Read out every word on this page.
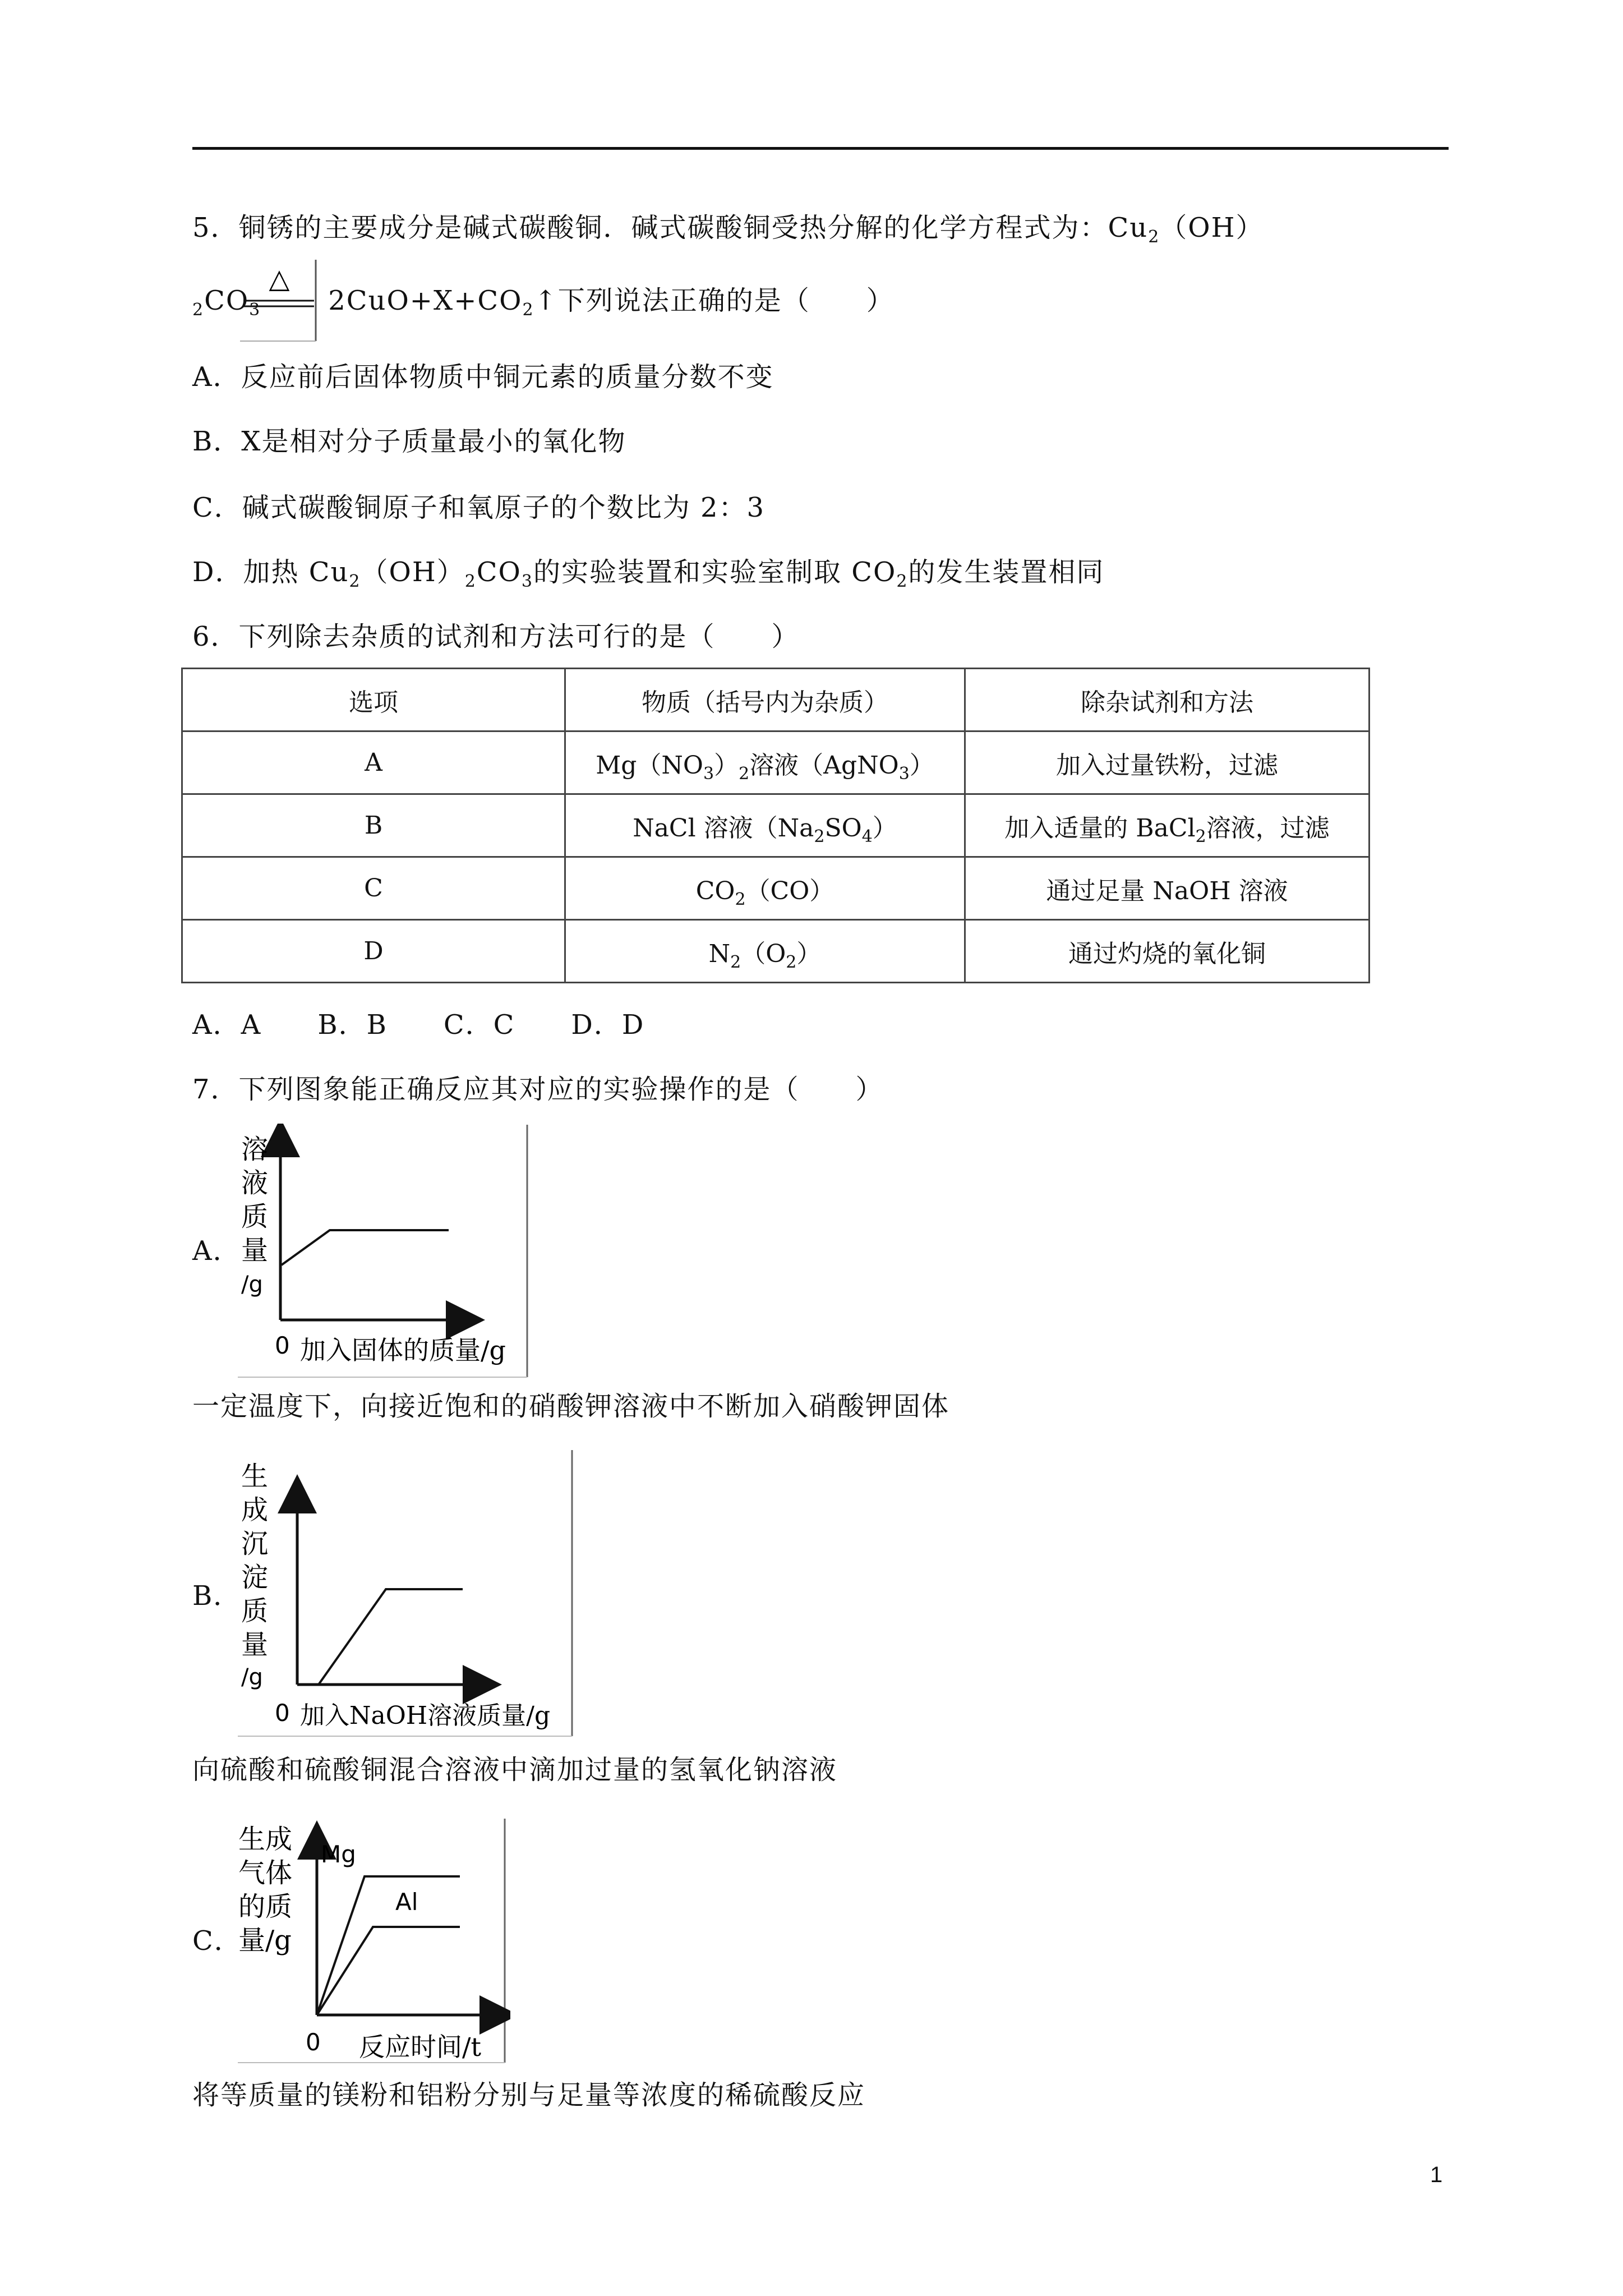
5．铜锈的主要成分是碱式碳酸铜．碱式碳酸铜受热分解的化学方程式为：$Cu_2(OH)$
$_2CO_3$	$2CuO+X+CO_2↑$下列说法正确的是（　　）
△
A．反应前后固体物质中铜元素的质量分数不变
B．X是相对分子质量最小的氧化物
C．碱式碳酸铜原子和氧原子的个数比为 2：3
D．加热 $Cu_2(OH)_2CO_3$的实验装置和实验室制取 $CO_2$的发生装置相同
6．下列除去杂质的试剂和方法可行的是（　　）
选项	物质（括号内为杂质）	除杂试剂和方法
A	$Mg(NO_3)_2$溶液（AgNO$_3$）	加入过量铁粉，过滤
B	NaCl 溶液$(Na_2SO_4)$	加入适量的 BaCl$_2$溶液，过滤
C	$CO_2(CO)$	通过足量 NaOH 溶液
D	$N_2(O_2)$	通过灼烧的氧化铜
A．A　　B．B　　C．C　　D．D
7．下列图象能正确反应其对应的实验操作的是（　　）
A．
溶
液
质
量
/g
0 加入固体的质量/g
一定温度下，向接近饱和的硝酸钾溶液中不断加入硝酸钾固体
B．
生
成
沉
淀
质
量
/g
0 加入NaOH溶液质量/g
向硫酸和硫酸铜混合溶液中滴加过量的氢氧化钠溶液
C．
Mg
Al
生成
气体
的质
量/g
0 反应时间/t
将等质量的镁粉和铝粉分别与足量等浓度的稀硫酸反应
1
